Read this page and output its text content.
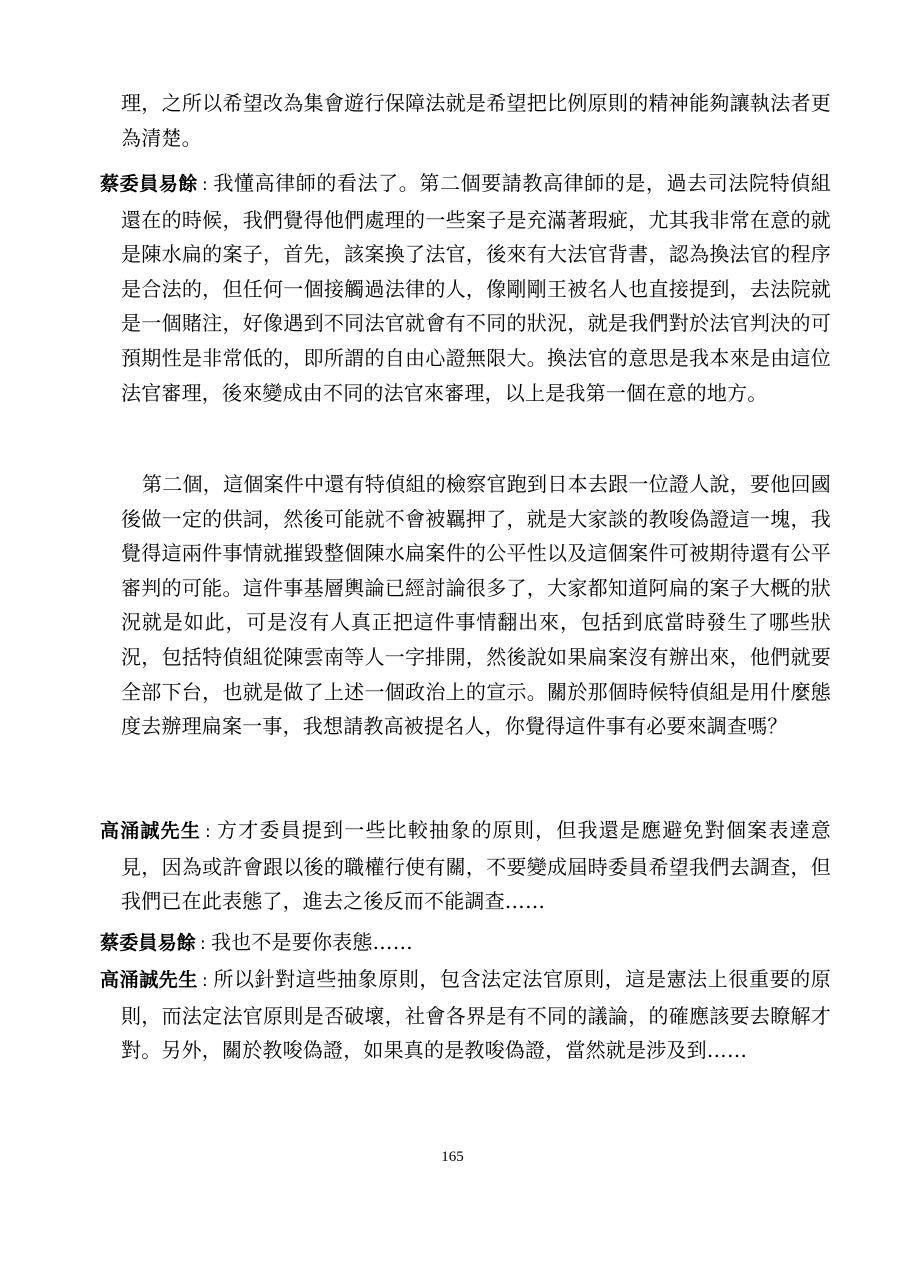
理，之所以希望改為集會遊行保障法就是希望把比例原則的精神能夠讓執法者更為清楚。
蔡委員易餘 : 我懂高律師的看法了。第二個要請教高律師的是，過去司法院特偵組還在的時候，我們覺得他們處理的一些案子是充滿著瑕疵，尤其我非常在意的就是陳水扁的案子，首先，該案換了法官，後來有大法官背書，認為換法官的程序是合法的，但任何一個接觸過法律的人，像剛剛王被名人也直接提到，去法院就是一個賭注，好像遇到不同法官就會有不同的狀況，就是我們對於法官判決的可預期性是非常低的，即所謂的自由心證無限大。換法官的意思是我本來是由這位法官審理，後來變成由不同的法官來審理，以上是我第一個在意的地方。
第二個，這個案件中還有特偵組的檢察官跑到日本去跟一位證人說，要他回國後做一定的供詞，然後可能就不會被羈押了，就是大家談的教唆偽證這一塊，我覺得這兩件事情就摧毀整個陳水扁案件的公平性以及這個案件可被期待還有公平審判的可能。這件事基層輿論已經討論很多了，大家都知道阿扁的案子大概的狀況就是如此，可是沒有人真正把這件事情翻出來，包括到底當時發生了哪些狀況，包括特偵組從陳雲南等人一字排開，然後說如果扁案沒有辦出來，他們就要全部下台，也就是做了上述一個政治上的宣示。關於那個時候特偵組是用什麼態度去辦理扁案一事，我想請教高被提名人，你覺得這件事有必要來調查嗎？
高涌誠先生 : 方才委員提到一些比較抽象的原則，但我還是應避免對個案表達意見，因為或許會跟以後的職權行使有關，不要變成屆時委員希望我們去調查，但我們已在此表態了，進去之後反而不能調查……
蔡委員易餘 : 我也不是要你表態……
高涌誠先生 : 所以針對這些抽象原則，包含法定法官原則，這是憲法上很重要的原則，而法定法官原則是否破壞，社會各界是有不同的議論，的確應該要去瞭解才對。另外，關於教唆偽證，如果真的是教唆偽證，當然就是涉及到……
165
